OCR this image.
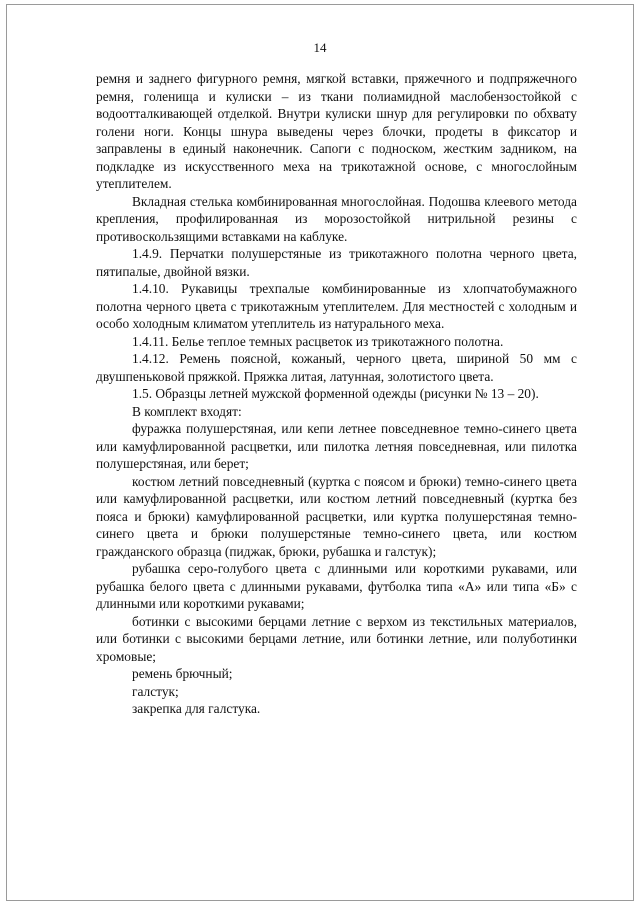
14

ремня и заднего фигурного ремня, мягкой вставки, пряжечного и подпряжечного ремня, голенища и кулиски – из ткани полиамидной маслобензостойкой с водоотталкивающей отделкой. Внутри кулиски шнур для регулировки по обхвату голени ноги. Концы шнура выведены через блочки, продеты в фиксатор и заправлены в единый наконечник. Сапоги с подноском, жестким задником, на подкладке из искусственного меха на трикотажной основе, с многослойным утеплителем.

Вкладная стелька комбинированная многослойная. Подошва клеевого метода крепления, профилированная из морозостойкой нитрильной резины с противоскользящими вставками на каблуке.

1.4.9. Перчатки полушерстяные из трикотажного полотна черного цвета, пятипалые, двойной вязки.

1.4.10. Рукавицы трехпалые комбинированные из хлопчатобумажного полотна черного цвета с трикотажным утеплителем. Для местностей с холодным и особо холодным климатом утеплитель из натурального меха.

1.4.11. Белье теплое темных расцветок из трикотажного полотна.

1.4.12. Ремень поясной, кожаный, черного цвета, шириной 50 мм с двушпеньковой пряжкой. Пряжка литая, латунная, золотистого цвета.

1.5. Образцы летней мужской форменной одежды (рисунки № 13 – 20).

В комплект входят:

фуражка полушерстяная, или кепи летнее повседневное темно-синего цвета или камуфлированной расцветки, или пилотка летняя повседневная, или пилотка полушерстяная, или берет;

костюм летний повседневный (куртка с поясом и брюки) темно-синего цвета или камуфлированной расцветки, или костюм летний повседневный (куртка без пояса и брюки) камуфлированной расцветки, или куртка полушерстяная темно-синего цвета и брюки полушерстяные темно-синего цвета, или костюм гражданского образца (пиджак, брюки, рубашка и галстук);

рубашка серо-голубого цвета с длинными или короткими рукавами, или рубашка белого цвета с длинными рукавами, футболка типа «А» или типа «Б» с длинными или короткими рукавами;

ботинки с высокими берцами летние с верхом из текстильных материалов, или ботинки с высокими берцами летние, или ботинки летние, или полуботинки хромовые;

ремень брючный;

галстук;

закрепка для галстука.
